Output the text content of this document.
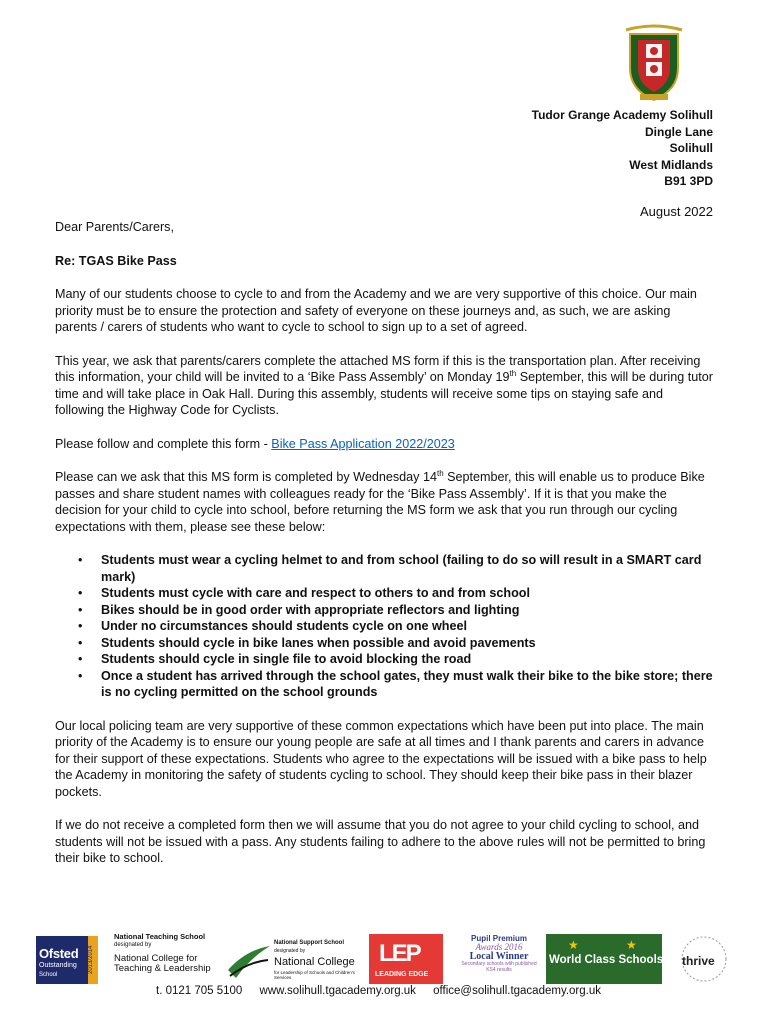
Tudor Grange Academy Solihull
Dingle Lane
Solihull
West Midlands
B91 3PD
August 2022
Dear Parents/Carers,
Re: TGAS Bike Pass

Many of our students choose to cycle to and from the Academy and we are very supportive of this choice. Our main priority must be to ensure the protection and safety of everyone on these journeys and, as such, we are asking parents / carers of students who want to cycle to school to sign up to a set of agreed.

This year, we ask that parents/carers complete the attached MS form if this is the transportation plan. After receiving this information, your child will be invited to a ‘Bike Pass Assembly’ on Monday 19th September, this will be during tutor time and will take place in Oak Hall. During this assembly, students will receive some tips on staying safe and following the Highway Code for Cyclists.

Please follow and complete this form - Bike Pass Application 2022/2023

Please can we ask that this MS form is completed by Wednesday 14th September, this will enable us to produce Bike passes and share student names with colleagues ready for the ‘Bike Pass Assembly’. If it is that you make the decision for your child to cycle into school, before returning the MS form we ask that you run through our cycling expectations with them, please see these below:

• Students must wear a cycling helmet to and from school (failing to do so will result in a SMART card mark)
• Students must cycle with care and respect to others to and from school
• Bikes should be in good order with appropriate reflectors and lighting
• Under no circumstances should students cycle on one wheel
• Students should cycle in bike lanes when possible and avoid pavements
• Students should cycle in single file to avoid blocking the road
• Once a student has arrived through the school gates, they must walk their bike to the bike store; there is no cycling permitted on the school grounds

Our local policing team are very supportive of these common expectations which have been put into place. The main priority of the Academy is to ensure our young people are safe at all times and I thank parents and carers in advance for their support of these expectations. Students who agree to the expectations will be issued with a bike pass to help the Academy in monitoring the safety of students cycling to school. They should keep their bike pass in their blazer pockets.

If we do not receive a completed form then we will assume that you do not agree to your child cycling to school, and students will not be issued with a pass. Any students failing to adhere to the above rules will not be permitted to bring their bike to school.

Ofsted
Outstanding
School
2013/2014
National Teaching School
designated by
National College for Teaching & Leadership
National Support School
designated by
National College
for Leadership of Schools and Children's Services
LEP
LEADING EDGE
Pupil Premium
Awards 2016
Local Winner
Secondary schools with published KS4 results
★	★
World Class Schools thrive
t. 0121 705 5100 www.solihull.tgacademy.org.uk office@solihull.tgacademy.org.uk
